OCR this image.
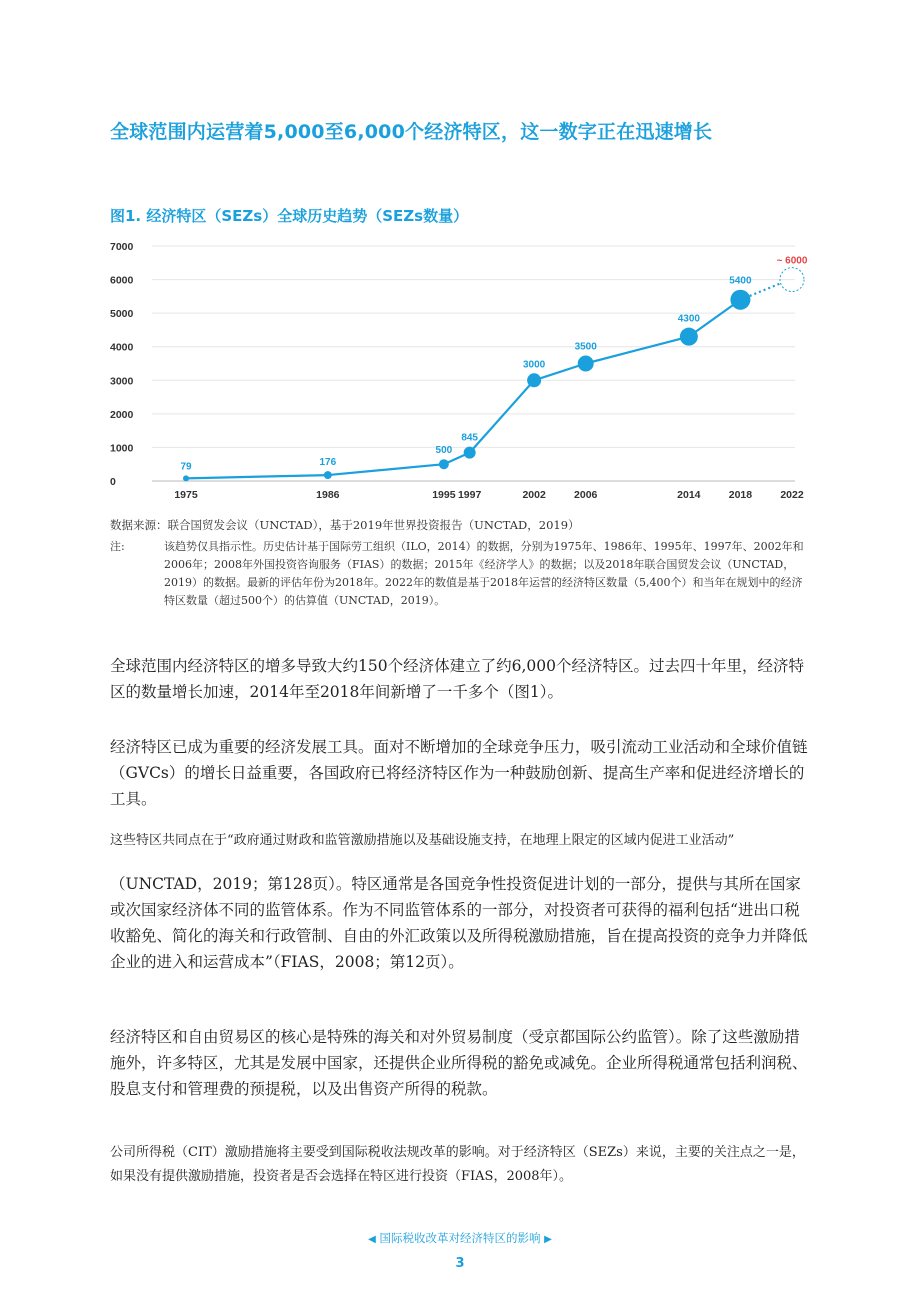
全球范围内运营着5,000至6,000个经济特区，这一数字正在迅速增长
图1. 经济特区（SEZs）全球历史趋势（SEZs数量）
0
1000
2000
3000
4000
5000
6000
7000
1975	1986	1995 1997	2002	2006	2014	2018	2022
~ 6000
79	176
500
845
3000
3500
4300
5400
数据来源：联合国贸发会议（UNCTAD），基于2019年世界投资报告（UNCTAD，2019）
注:	该趋势仅具指示性。历史估计基于国际劳工组织（ILO，2014）的数据，分别为1975年、1986年、1995年、1997年、2002年和2006年；2008年外国投资咨询服务（FIAS）的数据；2015年《经济学人》的数据；以及2018年联合国贸发会议（UNCTAD，2019）的数据。最新的评估年份为2018年。2022年的数值是基于2018年运营的经济特区数量（5,400个）和当年在规划中的经济特区数量（超过500个）的估算值（UNCTAD，2019）。
全球范围内经济特区的增多导致大约150个经济体建立了约6,000个经济特区。过去四十年里，经济特区的数量增长加速，2014年至2018年间新增了一千多个（图1）。
经济特区已成为重要的经济发展工具。面对不断增加的全球竞争压力，吸引流动工业活动和全球价值链（GVCs）的增长日益重要，各国政府已将经济特区作为一种鼓励创新、提高生产率和促进经济增长的工具。
这些特区共同点在于“政府通过财政和监管激励措施以及基础设施支持，在地理上限定的区域内促进工业活动”
（UNCTAD，2019；第128页）。特区通常是各国竞争性投资促进计划的一部分，提供与其所在国家或次国家经济体不同的监管体系。作为不同监管体系的一部分，对投资者可获得的福利包括“进出口税收豁免、简化的海关和行政管制、自由的外汇政策以及所得税激励措施，旨在提高投资的竞争力并降低企业的进入和运营成本”（FIAS，2008；第12页）。
经济特区和自由贸易区的核心是特殊的海关和对外贸易制度（受京都国际公约监管）。除了这些激励措施外，许多特区，尤其是发展中国家，还提供企业所得税的豁免或减免。企业所得税通常包括利润税、股息支付和管理费的预提税，以及出售资产所得的税款。
公司所得税（CIT）激励措施将主要受到国际税收法规改革的影响。对于经济特区（SEZs）来说，主要的关注点之一是，如果没有提供激励措施，投资者是否会选择在特区进行投资（FIAS，2008年）。
◀ 国际税收改革对经济特区的影响 ▶
3
